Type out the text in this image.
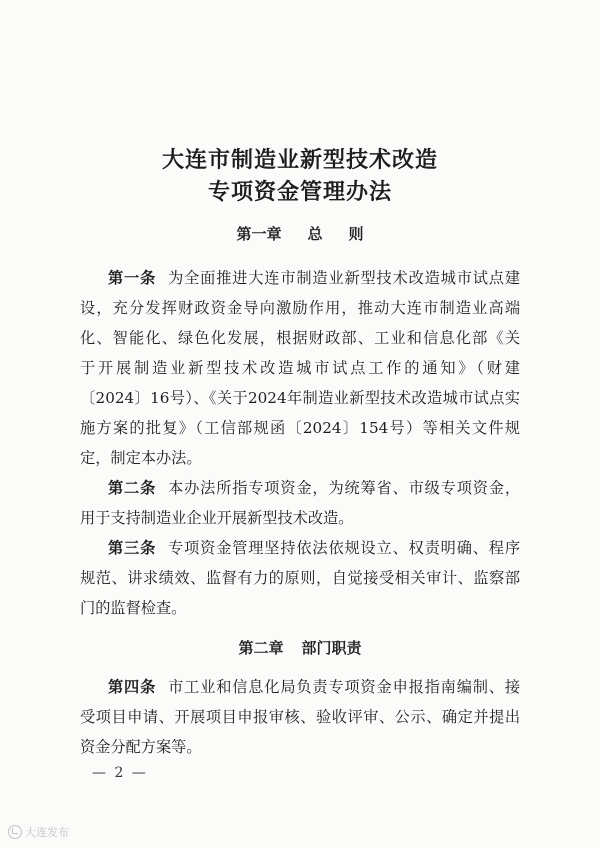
大连市制造业新型技术改造
专项资金管理办法
第一章 总 则
第一条 为全面推进大连市制造业新型技术改造城市试点建
设，充分发挥财政资金导向激励作用，推动大连市制造业高端
化、智能化、绿色化发展，根据财政部、工业和信息化部《关
于开展制造业新型技术改造城市试点工作的通知》（财建
〔2024〕16号）、《关于2024年制造业新型技术改造城市试点实
施方案的批复》（工信部规函〔2024〕154号）等相关文件规
定，制定本办法。
第二条 本办法所指专项资金，为统筹省、市级专项资金，
用于支持制造业企业开展新型技术改造。
第三条 专项资金管理坚持依法依规设立、权责明确、程序
规范、讲求绩效、监督有力的原则，自觉接受相关审计、监察部
门的监督检查。
第二章 部门职责
第四条 市工业和信息化局负责专项资金申报指南编制、接
受项目申请、开展项目申报审核、验收评审、公示、确定并提出
资金分配方案等。
— 2 —
大连发布
